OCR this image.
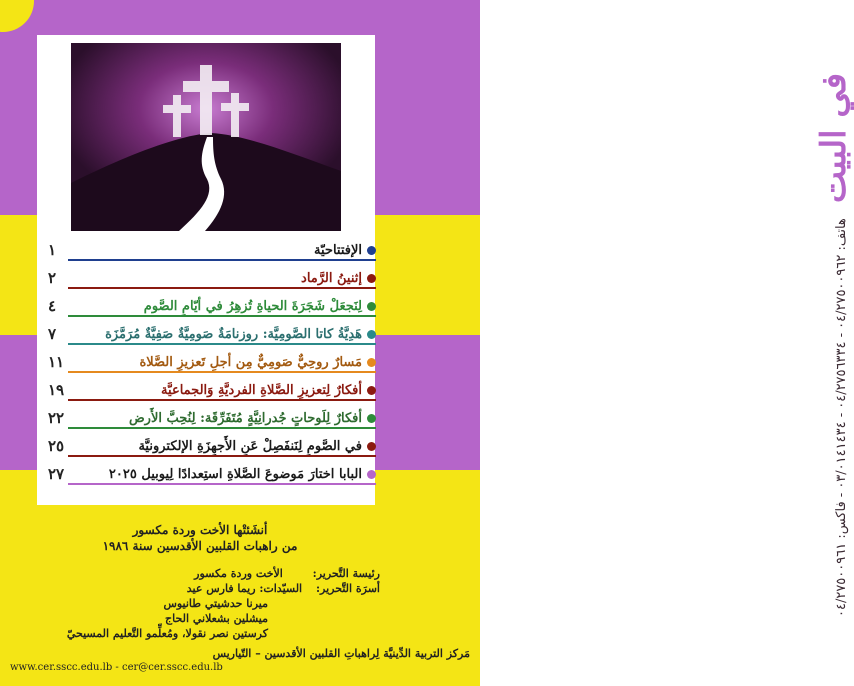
في البيت هاتف: ٠٤/٢٧٥٠٠٩٦٢ - ٠٤/٢٧٥٦٣٣٤ - ٠٣/٠١٤١٤٣٤ - فاكس: ٠٤/٢٧٥٠٠٩٦١
الإفتتاحيّة
١
إثنينُ الرَّماد
٢
لِنَجعَلْ شَجَرَةَ الحياةِ تُزهِرُ في أيّامِ الصَّوم
٤
هَدِيَّةُ كاتا الصَّومِيَّة: روزنامَةٌ صَومِيَّةٌ صَفِيَّةٌ مُرَمَّزَة
٧
مَسارٌ روحِيٌّ صَومِيٌّ مِن أجلِ تَعزيزِ الصَّلاة
١١
أفكارٌ لِتعزيزِ الصَّلاةِ الفرديَّةِ وَالجماعيَّة
١٩
أفكارٌ لِلَوحاتٍ جُدرانِيَّةٍ مُتَفَرِّقَة: لِنُحِبَّ الأَرض
٢٢
في الصَّومِ لِنَنفَصِلْ عَنِ الأَجهِزَةِ الإلكترونيَّة
٢٥
البابا اختارَ مَوضوعَ الصَّلاةِ استِعدادًا لِيوبيل ٢٠٢٥
٢٧
أنشَئتْها الأخت وردة مكسور
من راهبات القلبين الأقدسين سنة ١٩٨٦
رئيسة التَّحرير: الأخت وردة مكسور
أسرَة التَّحرير: السيّدات: ريما فارس عيد
ميرنا حدشيتي طانيوس
ميشلين بشعلاني الحاج
كرستين نصر نقولا، ومُعلِّمو التَّعليم المسيحيّ
مَركز التربية الدِّينيَّة لِراهباتِ القلبين الأقدسين – التّياريس
www.cer.sscc.edu.lb - cer@cer.sscc.edu.lb
